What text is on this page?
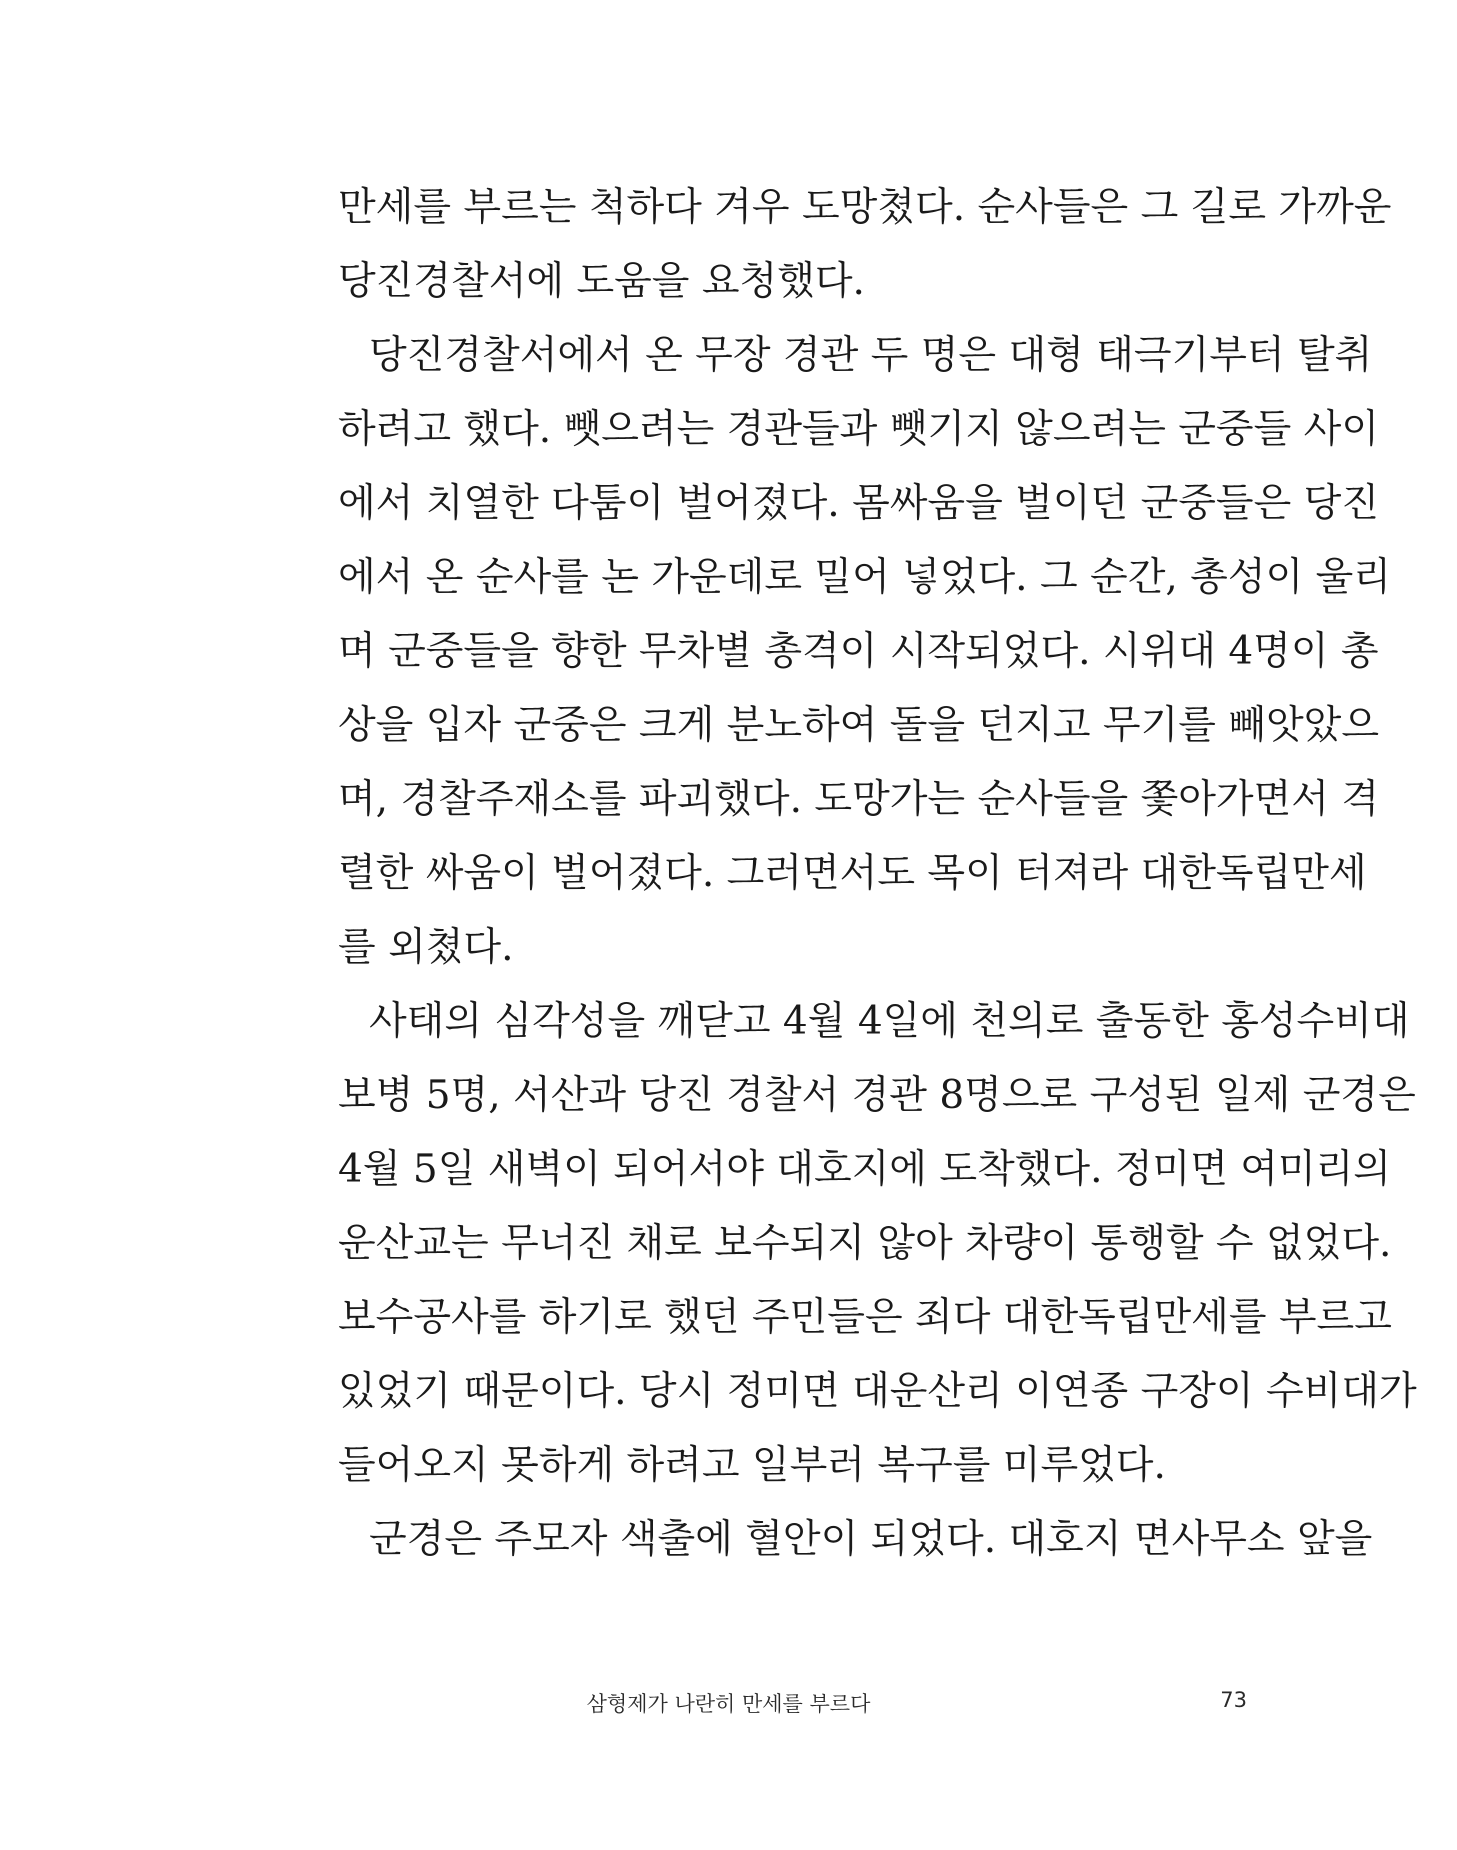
만세를 부르는 척하다 겨우 도망쳤다. 순사들은 그 길로 가까운
당진경찰서에 도움을 요청했다.
당진경찰서에서 온 무장 경관 두 명은 대형 태극기부터 탈취
하려고 했다. 뺏으려는 경관들과 뺏기지 않으려는 군중들 사이
에서 치열한 다툼이 벌어졌다. 몸싸움을 벌이던 군중들은 당진
에서 온 순사를 논 가운데로 밀어 넣었다. 그 순간, 총성이 울리
며 군중들을 향한 무차별 총격이 시작되었다. 시위대 4명이 총
상을 입자 군중은 크게 분노하여 돌을 던지고 무기를 빼앗았으
며, 경찰주재소를 파괴했다. 도망가는 순사들을 쫓아가면서 격
렬한 싸움이 벌어졌다. 그러면서도 목이 터져라 대한독립만세
를 외쳤다.
사태의 심각성을 깨닫고 4월 4일에 천의로 출동한 홍성수비대
보병 5명, 서산과 당진 경찰서 경관 8명으로 구성된 일제 군경은
4월 5일 새벽이 되어서야 대호지에 도착했다. 정미면 여미리의
운산교는 무너진 채로 보수되지 않아 차량이 통행할 수 없었다.
보수공사를 하기로 했던 주민들은 죄다 대한독립만세를 부르고
있었기 때문이다. 당시 정미면 대운산리 이연종 구장이 수비대가
들어오지 못하게 하려고 일부러 복구를 미루었다.
군경은 주모자 색출에 혈안이 되었다. 대호지 면사무소 앞을
삼형제가 나란히 만세를 부르다	73
